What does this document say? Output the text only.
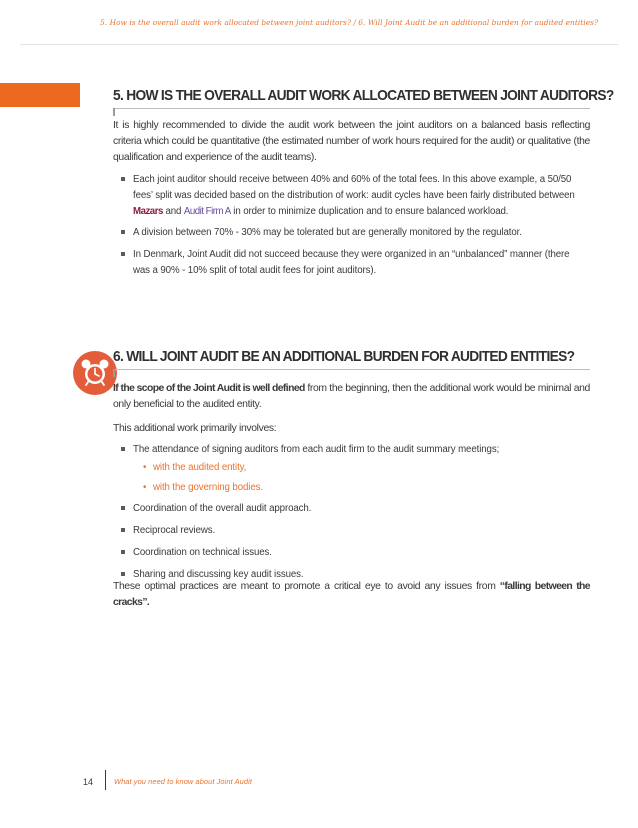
5. How is the overall audit work allocated between joint auditors? / 6. Will Joint Audit be an additional burden for audited entities?
5. HOW IS THE OVERALL AUDIT WORK ALLOCATED BETWEEN JOINT AUDITORS?

It is highly recommended to divide the audit work between the joint auditors on a balanced basis reflecting criteria which could be quantitative (the estimated number of work hours required for the audit) or qualitative (the qualification and experience of the audit teams).

Each joint auditor should receive between 40% and 60% of the total fees. In this above example, a 50/50 fees’ split was decided based on the distribution of work: audit cycles have been fairly distributed between Mazars and Audit Firm A in order to minimize duplication and to ensure balanced workload.
A division between 70% - 30% may be tolerated but are generally monitored by the regulator.
In Denmark, Joint Audit did not succeed because they were organized in an “unbalanced” manner (there was a 90% - 10% split of total audit fees for joint auditors).
6. WILL JOINT AUDIT BE AN ADDITIONAL BURDEN FOR AUDITED ENTITIES?

If the scope of the Joint Audit is well defined from the beginning, then the additional work would be minimal and only beneficial to the audited entity.

This additional work primarily involves:

The attendance of signing auditors from each audit firm to the audit summary meetings;
• with the audited entity,
• with the governing bodies.
Coordination of the overall audit approach.
Reciprocal reviews.
Coordination on technical issues.
Sharing and discussing key audit issues.

These optimal practices are meant to promote a critical eye to avoid any issues from “falling between the cracks”.

14	What you need to know about Joint Audit
